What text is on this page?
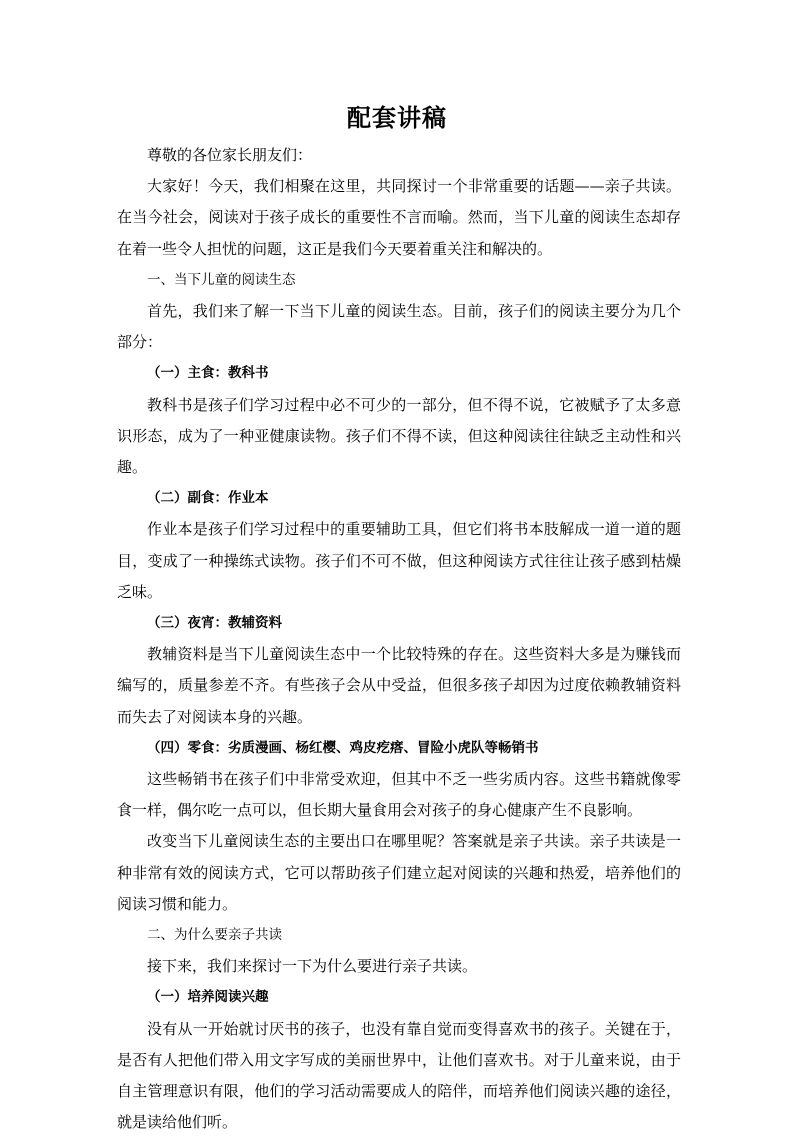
配套讲稿

尊敬的各位家长朋友们：

大家好！今天，我们相聚在这里，共同探讨一个非常重要的话题——亲子共读。在当今社会，阅读对于孩子成长的重要性不言而喻。然而，当下儿童的阅读生态却存在着一些令人担忧的问题，这正是我们今天要着重关注和解决的。

一、当下儿童的阅读生态

首先，我们来了解一下当下儿童的阅读生态。目前，孩子们的阅读主要分为几个部分：

（一）主食：教科书

教科书是孩子们学习过程中必不可少的一部分，但不得不说，它被赋予了太多意识形态，成为了一种亚健康读物。孩子们不得不读，但这种阅读往往缺乏主动性和兴趣。

（二）副食：作业本

作业本是孩子们学习过程中的重要辅助工具，但它们将书本肢解成一道一道的题目，变成了一种操练式读物。孩子们不可不做，但这种阅读方式往往让孩子感到枯燥乏味。

（三）夜宵：教辅资料

教辅资料是当下儿童阅读生态中一个比较特殊的存在。这些资料大多是为赚钱而编写的，质量参差不齐。有些孩子会从中受益，但很多孩子却因为过度依赖教辅资料而失去了对阅读本身的兴趣。

（四）零食：劣质漫画、杨红樱、鸡皮疙瘩、冒险小虎队等畅销书

这些畅销书在孩子们中非常受欢迎，但其中不乏一些劣质内容。这些书籍就像零食一样，偶尔吃一点可以，但长期大量食用会对孩子的身心健康产生不良影响。

改变当下儿童阅读生态的主要出口在哪里呢？答案就是亲子共读。亲子共读是一种非常有效的阅读方式，它可以帮助孩子们建立起对阅读的兴趣和热爱，培养他们的阅读习惯和能力。

二、为什么要亲子共读

接下来，我们来探讨一下为什么要进行亲子共读。

（一）培养阅读兴趣

没有从一开始就讨厌书的孩子，也没有靠自觉而变得喜欢书的孩子。关键在于，是否有人把他们带入用文字写成的美丽世界中，让他们喜欢书。对于儿童来说，由于自主管理意识有限，他们的学习活动需要成人的陪伴，而培养他们阅读兴趣的途径，就是读给他们听。
